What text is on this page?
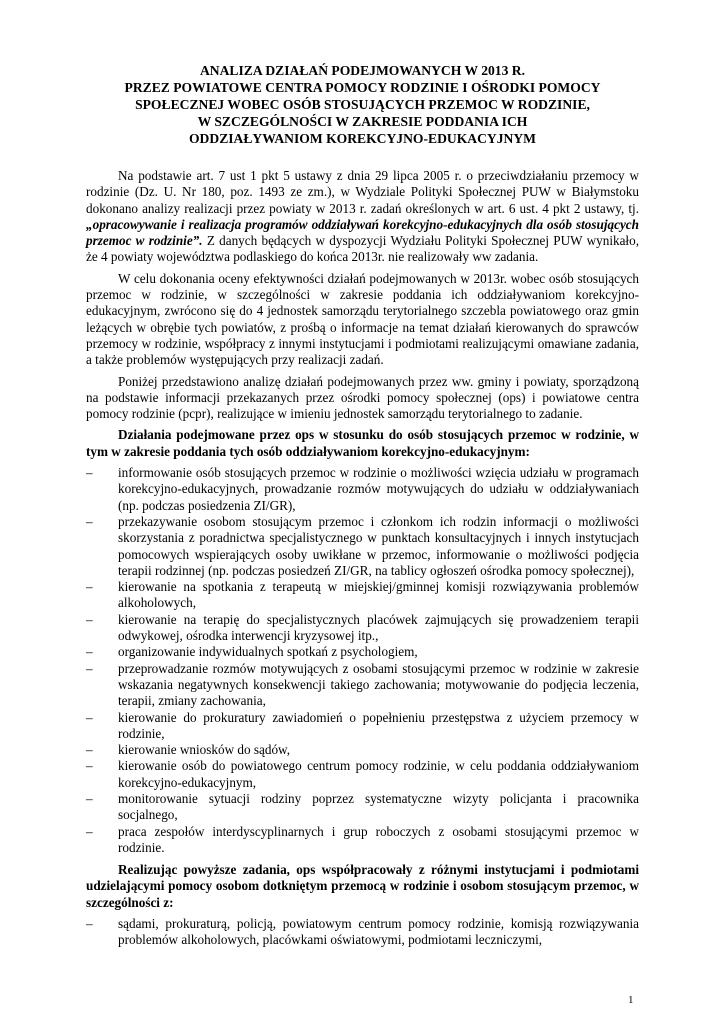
ANALIZA DZIAŁAŃ PODEJMOWANYCH W 2013 R.
PRZEZ POWIATOWE CENTRA POMOCY RODZINIE I OŚRODKI POMOCY
SPOŁECZNEJ WOBEC OSÓB STOSUJĄCYCH PRZEMOC W RODZINIE,
W SZCZEGÓLNOŚCI W ZAKRESIE PODDANIA ICH
ODDZIAŁYWANIOM KOREKCYJNO-EDUKACYJNYM

Na podstawie art. 7 ust 1 pkt 5 ustawy z dnia 29 lipca 2005 r. o przeciwdziałaniu przemocy w rodzinie (Dz. U. Nr 180, poz. 1493 ze zm.), w Wydziale Polityki Społecznej PUW w Białymstoku dokonano analizy realizacji przez powiaty w 2013 r. zadań określonych w art. 6 ust. 4 pkt 2 ustawy, tj. „opracowywanie i realizacja programów oddziaływań korekcyjno-edukacyjnych dla osób stosujących przemoc w rodzinie”. Z danych będących w dyspozycji Wydziału Polityki Społecznej PUW wynikało, że 4 powiaty województwa podlaskiego do końca 2013r. nie realizowały ww zadania.

W celu dokonania oceny efektywności działań podejmowanych w 2013r. wobec osób stosujących przemoc w rodzinie, w szczególności w zakresie poddania ich oddziaływaniom korekcyjno-edukacyjnym, zwrócono się do 4 jednostek samorządu terytorialnego szczebla powiatowego oraz gmin leżących w obrębie tych powiatów, z prośbą o informacje na temat działań kierowanych do sprawców przemocy w rodzinie, współpracy z innymi instytucjami i podmiotami realizującymi omawiane zadania, a także problemów występujących przy realizacji zadań.

Poniżej przedstawiono analizę działań podejmowanych przez ww. gminy i powiaty, sporządzoną na podstawie informacji przekazanych przez ośrodki pomocy społecznej (ops) i powiatowe centra pomocy rodzinie (pcpr), realizujące w imieniu jednostek samorządu terytorialnego to zadanie.

Działania podejmowane przez ops w stosunku do osób stosujących przemoc w rodzinie, w tym w zakresie poddania tych osób oddziaływaniom korekcyjno-edukacyjnym:

– informowanie osób stosujących przemoc w rodzinie o możliwości wzięcia udziału w programach korekcyjno-edukacyjnych, prowadzanie rozmów motywujących do udziału w oddziaływaniach (np. podczas posiedzenia ZI/GR),
– przekazywanie osobom stosującym przemoc i członkom ich rodzin informacji o możliwości skorzystania z poradnictwa specjalistycznego w punktach konsultacyjnych i innych instytucjach pomocowych wspierających osoby uwikłane w przemoc, informowanie o możliwości podjęcia terapii rodzinnej (np. podczas posiedzeń ZI/GR, na tablicy ogłoszeń ośrodka pomocy społecznej),
– kierowanie na spotkania z terapeutą w miejskiej/gminnej komisji rozwiązywania problemów alkoholowych,
– kierowanie na terapię do specjalistycznych placówek zajmujących się prowadzeniem terapii odwykowej, ośrodka interwencji kryzysowej itp.,
– organizowanie indywidualnych spotkań z psychologiem,
– przeprowadzanie rozmów motywujących z osobami stosującymi przemoc w rodzinie w zakresie wskazania negatywnych konsekwencji takiego zachowania; motywowanie do podjęcia leczenia, terapii, zmiany zachowania,
– kierowanie do prokuratury zawiadomień o popełnieniu przestępstwa z użyciem przemocy w rodzinie,
– kierowanie wniosków do sądów,
– kierowanie osób do powiatowego centrum pomocy rodzinie, w celu poddania oddziaływaniom korekcyjno-edukacyjnym,
– monitorowanie sytuacji rodziny poprzez systematyczne wizyty policjanta i pracownika socjalnego,
– praca zespołów interdyscyplinarnych i grup roboczych z osobami stosującymi przemoc w rodzinie.

Realizując powyższe zadania, ops współpracowały z różnymi instytucjami i podmiotami udzielającymi pomocy osobom dotkniętym przemocą w rodzinie i osobom stosującym przemoc, w szczególności z:

– sądami, prokuraturą, policją, powiatowym centrum pomocy rodzinie, komisją rozwiązywania problemów alkoholowych, placówkami oświatowymi, podmiotami leczniczymi,
1
